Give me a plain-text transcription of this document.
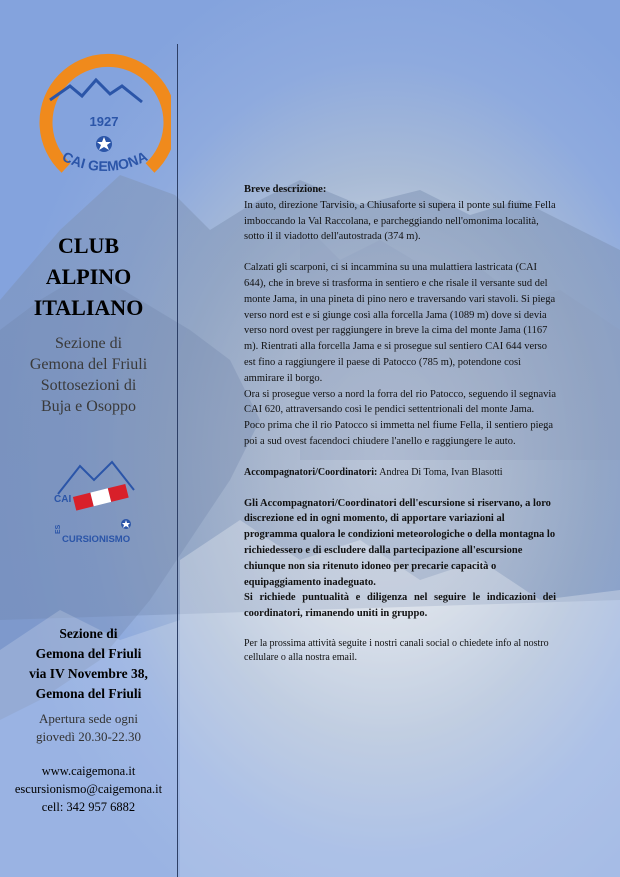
1927
CAI GEMONA
CLUB
ALPINO
ITALIANO
Sezione di
Gemona del Friuli
Sottosezioni di
Buja e Osoppo
CAI
ES
CURSIONISMO
Sezione di
Gemona del Friuli
via IV Novembre 38,
Gemona del Friuli
Apertura sede ogni
giovedì 20.30-22.30
www.caigemona.it
escursionismo@caigemona.it
cell: 342 957 6882

Breve descrizione:

In auto, direzione Tarvisio, a Chiusaforte si supera il ponte sul fiume Fella imboccando la Val Raccolana, e parcheggiando nell'omonima località, sotto il il viadotto dell'autostrada (374 m).

Calzati gli scarponi, ci si incammina su una mulattiera lastricata (CAI 644), che in breve si trasforma in sentiero e che risale il versante sud del monte Jama, in una pineta di pino nero e traversando vari stavoli. Si piega verso nord est e si giunge così alla forcella Jama (1089 m) dove si devia verso nord ovest per raggiungere in breve la cima del monte Jama (1167 m). Rientrati alla forcella Jama e si prosegue sul sentiero CAI 644 verso est fino a raggiungere il paese di Patocco (785 m), potendone così ammirare il borgo.

Ora si prosegue verso a nord la forra del rio Patocco, seguendo il segnavia CAI 620, attraversando così le pendici settentrionali del monte Jama.

Poco prima che il rio Patocco si immetta nel fiume Fella, il sentiero piega poi a sud ovest facendoci chiudere l'anello e raggiungere le auto.

Accompagnatori/Coordinatori: Andrea Di Toma, Ivan Blasotti

Gli Accompagnatori/Coordinatori dell'escursione si riservano, a loro discrezione ed in ogni momento, di apportare variazioni al programma qualora le condizioni meteorologiche o della montagna lo richiedessero e di escludere dalla partecipazione all'escursione chiunque non sia ritenuto idoneo per precarie capacità o equipaggiamento inadeguato.

Si richiede puntualità e diligenza nel seguire le indicazioni dei coordinatori, rimanendo uniti in gruppo.

Per la prossima attività seguite i nostri canali social o chiedete info al nostro cellulare o alla nostra email.
